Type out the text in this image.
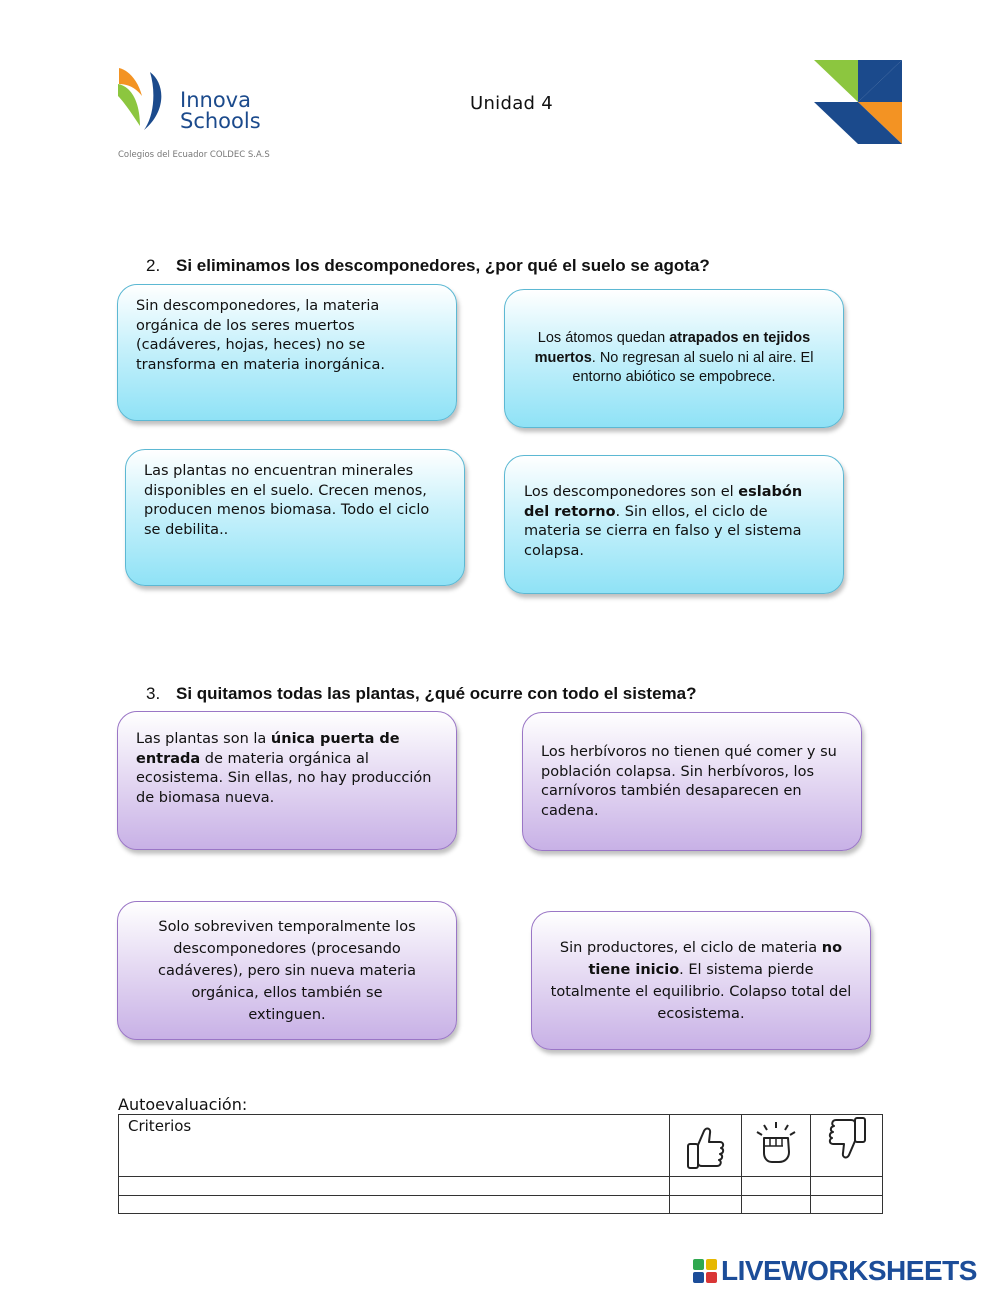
Innova
Schools
Colegios del Ecuador COLDEC S.A.S
Unidad 4
2. Si eliminamos los descomponedores, ¿por qué el suelo se agota?
Sin descomponedores, la materia orgánica de los seres muertos (cadáveres, hojas, heces) no se transforma en materia inorgánica.
Los átomos quedan atrapados en tejidos muertos. No regresan al suelo ni al aire. El entorno abiótico se empobrece.
Las plantas no encuentran minerales disponibles en el suelo. Crecen menos, producen menos biomasa. Todo el ciclo se debilita..
Los descomponedores son el eslabón del retorno. Sin ellos, el ciclo de materia se cierra en falso y el sistema colapsa.
3. Si quitamos todas las plantas, ¿qué ocurre con todo el sistema?
Las plantas son la única puerta de entrada de materia orgánica al ecosistema. Sin ellas, no hay producción de biomasa nueva.
Los herbívoros no tienen qué comer y su población colapsa. Sin herbívoros, los carnívoros también desaparecen en cadena.
Solo sobreviven temporalmente los descomponedores (procesando cadáveres), pero sin nueva materia orgánica, ellos también se extinguen.
Sin productores, el ciclo de materia no tiene inicio. El sistema pierde totalmente el equilibrio. Colapso total del ecosistema.
Autoevaluación:
Criterios			

LIVEWORKSHEETS
